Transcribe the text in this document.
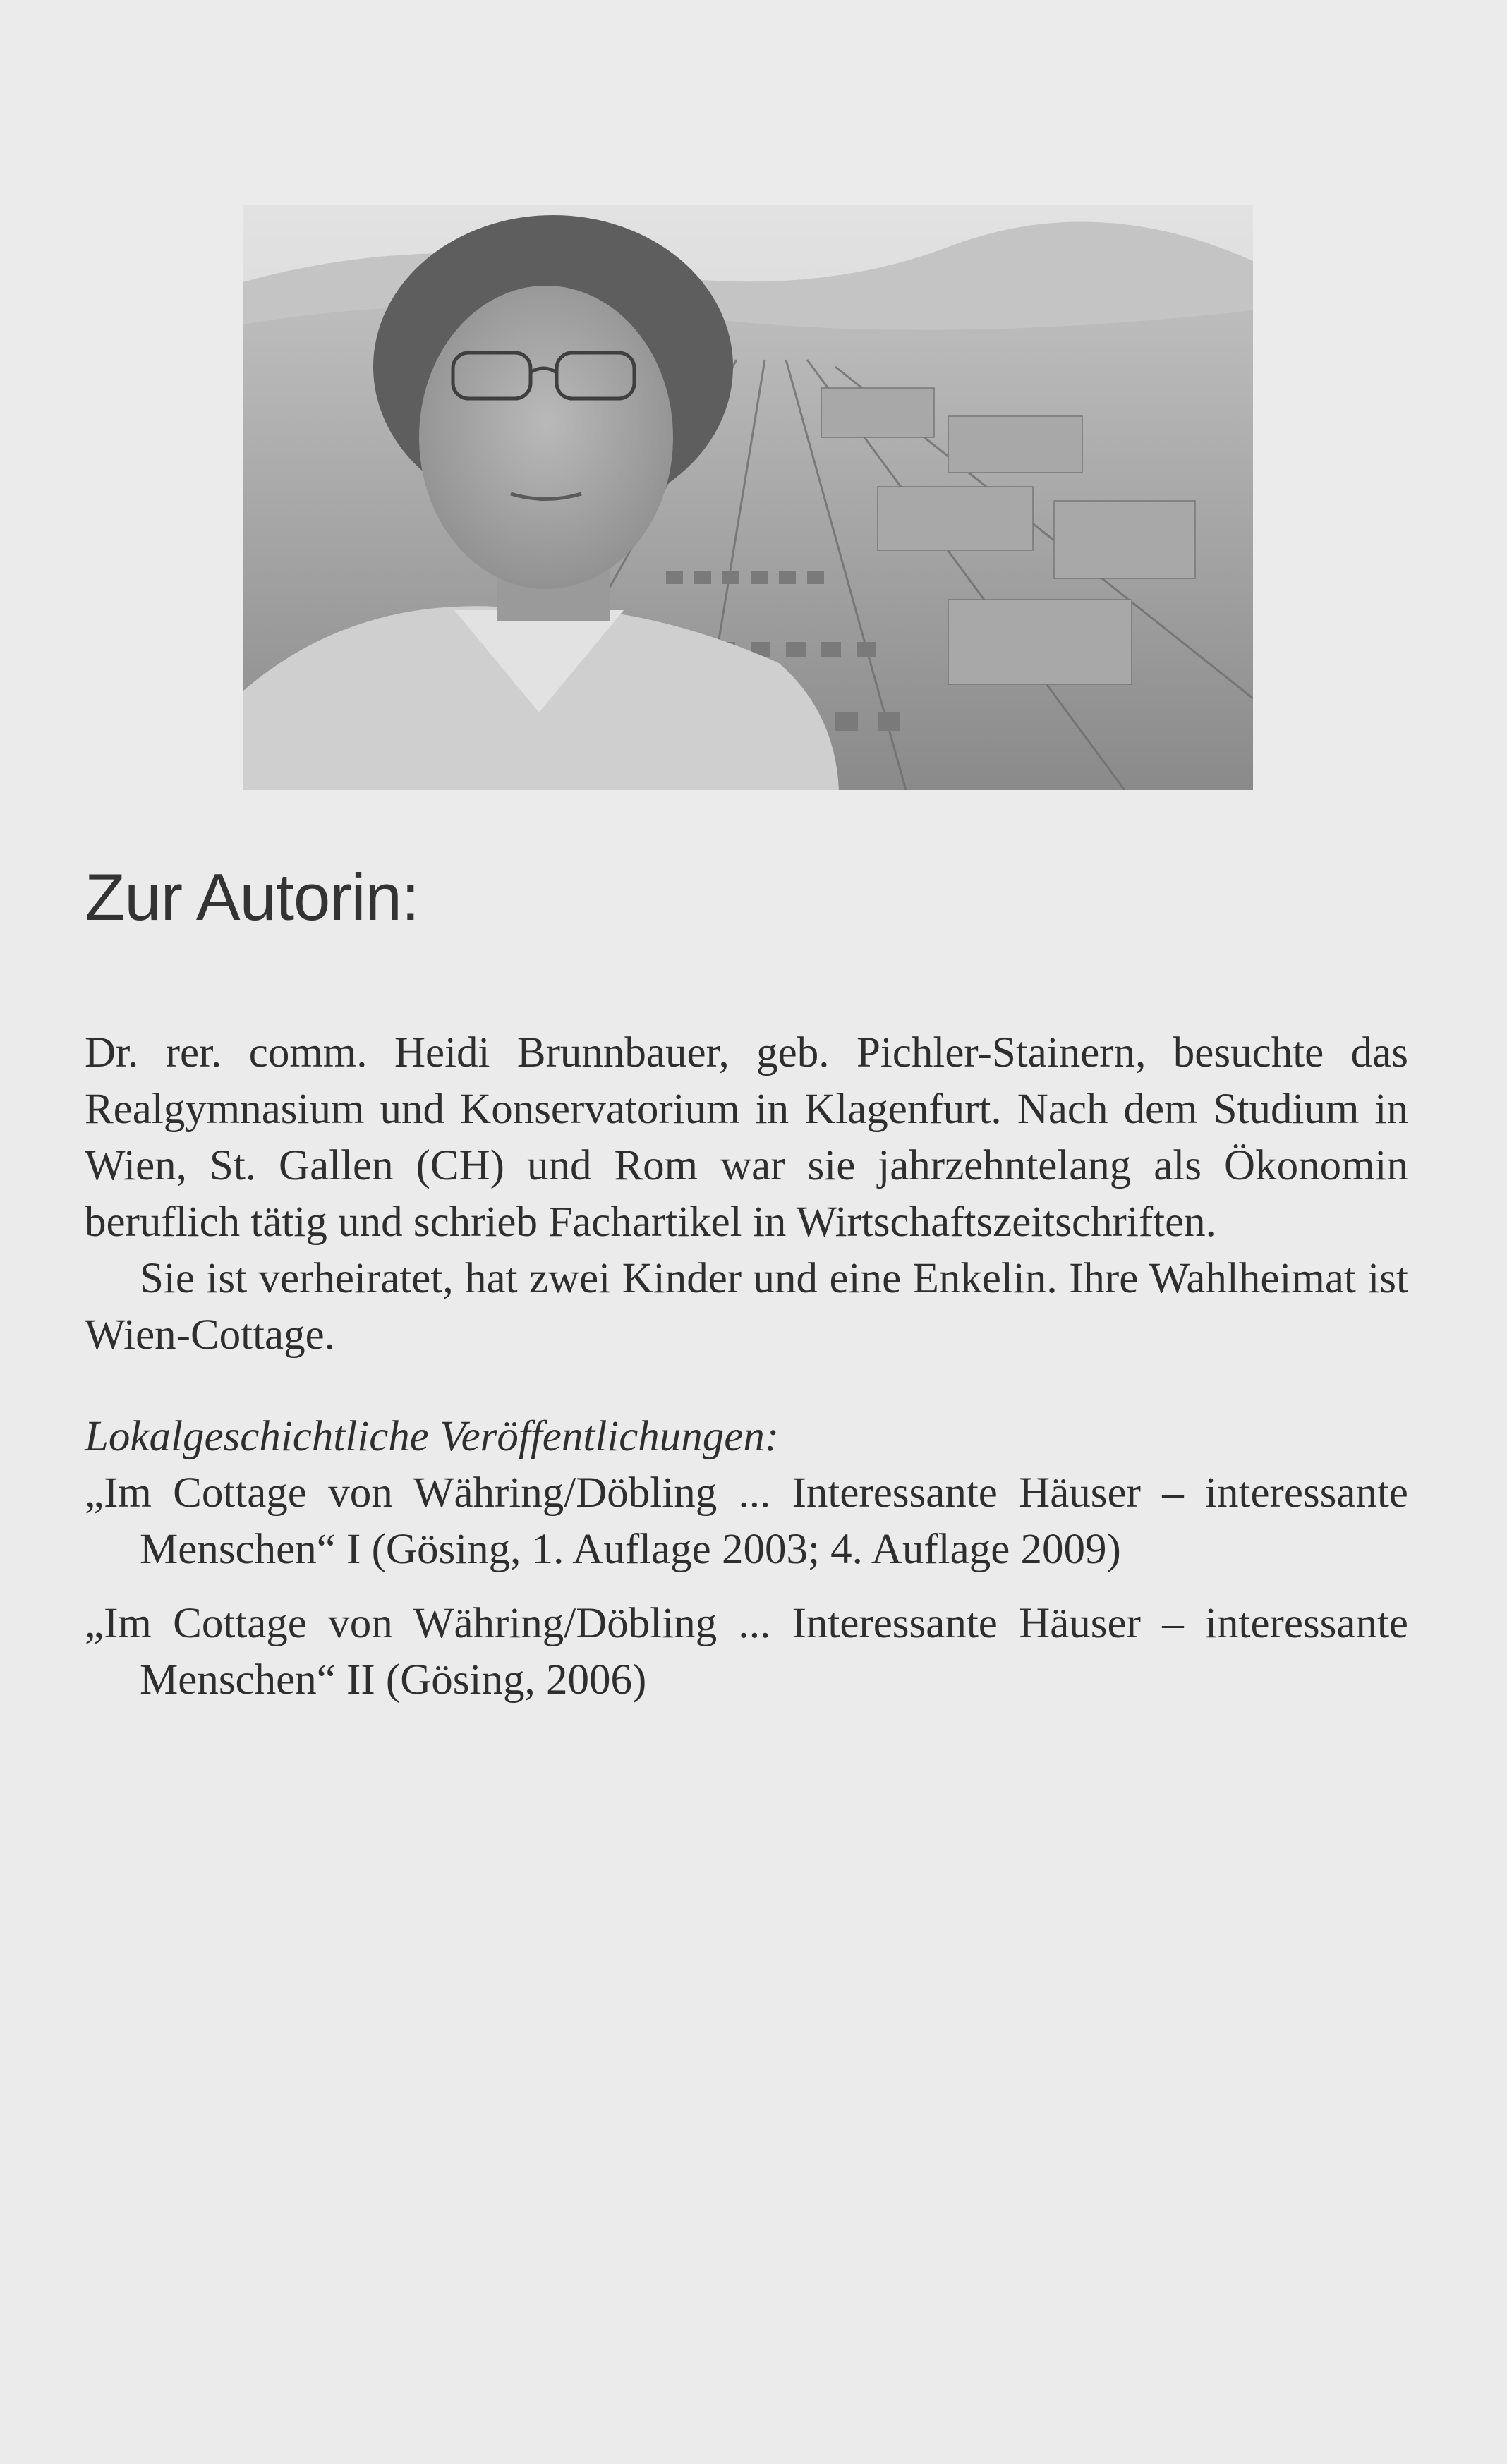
Zur Autorin:

Dr. rer. comm. Heidi Brunnbauer, geb. Pichler-Stainern, besuchte das Realgymnasium und Konservatorium in Klagenfurt. Nach dem Studium in Wien, St. Gallen (CH) und Rom war sie jahrzehntelang als Ökonomin beruflich tätig und schrieb Fachartikel in Wirtschaftszeitschriften.

Sie ist verheiratet, hat zwei Kinder und eine Enkelin. Ihre Wahlheimat ist Wien-Cottage.

Lokalgeschichtliche Veröffentlichungen:
„Im Cottage von Währing/Döbling ... Interessante Häuser – interessante Menschen“ I (Gösing, 1. Auflage 2003; 4. Auflage 2009)
„Im Cottage von Währing/Döbling ... Interessante Häuser – interessante Menschen“ II (Gösing, 2006)
